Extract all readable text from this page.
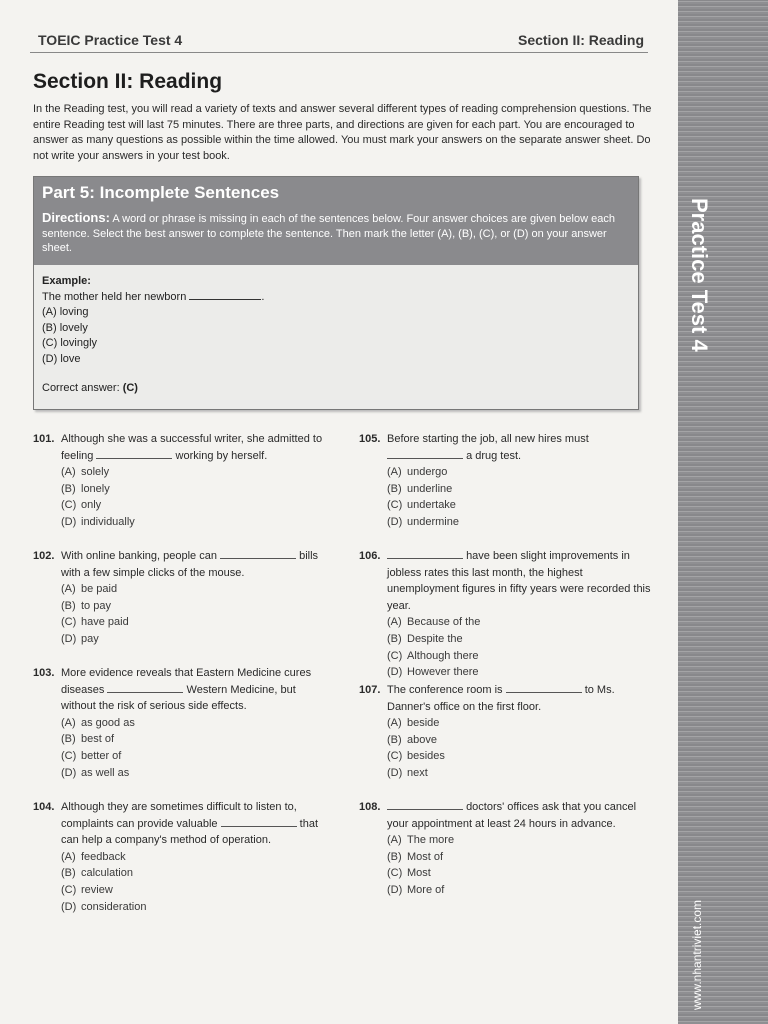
TOEIC Practice Test 4	Section II: Reading
Section II: Reading
In the Reading test, you will read a variety of texts and answer several different types of reading comprehension questions. The entire Reading test will last 75 minutes. There are three parts, and directions are given for each part. You are encouraged to answer as many questions as possible within the time allowed. You must mark your answers on the separate answer sheet. Do not write your answers in your test book.
Part 5: Incomplete Sentences
Directions: A word or phrase is missing in each of the sentences below. Four answer choices are given below each sentence. Select the best answer to complete the sentence. Then mark the letter (A), (B), (C), or (D) on your answer sheet.
Example:
The mother held her newborn	.
(A) loving
(B) lovely
(C) lovingly
(D) love
Correct answer: (C)
101. Although she was a successful writer, she admitted to feeling	working by herself.
(A) solely
(B) lonely
(C) only
(D) individually
102. With online banking, people can	bills with a few simple clicks of the mouse.
(A) be paid
(B) to pay
(C) have paid
(D) pay
103. More evidence reveals that Eastern Medicine cures diseases	Western Medicine, but without the risk of serious side effects.
(A) as good as
(B) best of
(C) better of
(D) as well as
104. Although they are sometimes difficult to listen to, complaints can provide valuable	that can help a company's method of operation.
(A) feedback
(B) calculation
(C) review
(D) consideration
105. Before starting the job, all new hires must  a drug test.
(A) undergo
(B) underline
(C) undertake
(D) undermine
106.	have been slight improvements in jobless rates this last month, the highest unemployment figures in fifty years were recorded this year.
(A) Because of the
(B) Despite the
(C) Although there
(D) However there
107. The conference room is	to Ms. Danner's office on the first floor.
(A) beside
(B) above
(C) besides
(D) next
108.	doctors' offices ask that you cancel your appointment at least 24 hours in advance.
(A) The more
(B) Most of
(C) Most
(D) More of
Practice Test 4
www.nhantriviet.com
